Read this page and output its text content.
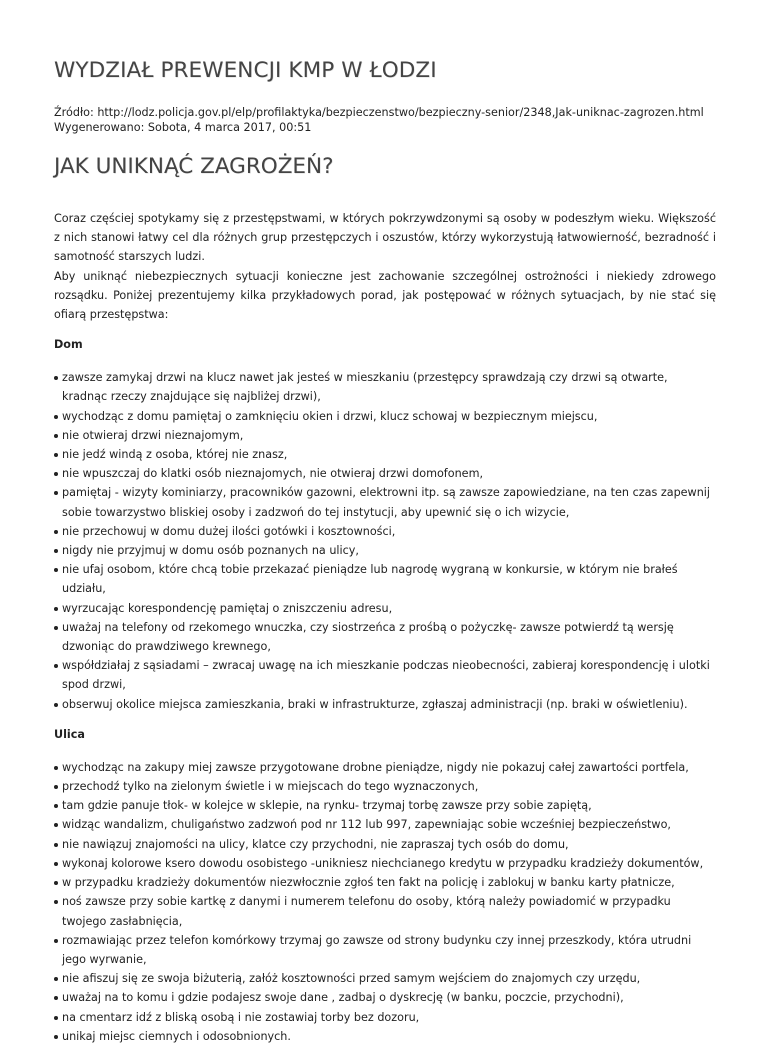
WYDZIAŁ PREWENCJI KMP W ŁODZI
Źródło: http://lodz.policja.gov.pl/elp/profilaktyka/bezpieczenstwo/bezpieczny-senior/2348,Jak-uniknac-zagrozen.html
Wygenerowano: Sobota, 4 marca 2017, 00:51
JAK UNIKNĄĆ ZAGROŻEŃ?

Coraz częściej spotykamy się z przestępstwami, w których pokrzywdzonymi są osoby w podeszłym wieku. Większość z nich stanowi łatwy cel dla różnych grup przestępczych i oszustów, którzy wykorzystują łatwowierność, bezradność i samotność starszych ludzi.

Aby uniknąć niebezpiecznych sytuacji konieczne jest zachowanie szczególnej ostrożności i niekiedy zdrowego rozsądku. Poniżej prezentujemy kilka przykładowych porad, jak postępować w różnych sytuacjach, by nie stać się ofiarą przestępstwa:

Dom
zawsze zamykaj drzwi na klucz nawet jak jesteś w mieszkaniu (przestępcy sprawdzają czy drzwi są otwarte, kradnąc rzeczy znajdujące się najbliżej drzwi),
wychodząc z domu pamiętaj o zamknięciu okien i drzwi, klucz schowaj w bezpiecznym miejscu,
nie otwieraj drzwi nieznajomym,
nie jedź windą z osoba, której nie znasz,
nie wpuszczaj do klatki osób nieznajomych, nie otwieraj drzwi domofonem,
pamiętaj - wizyty kominiarzy, pracowników gazowni, elektrowni itp. są zawsze zapowiedziane, na ten czas zapewnij sobie towarzystwo bliskiej osoby i zadzwoń do tej instytucji, aby upewnić się o ich wizycie,
nie przechowuj w domu dużej ilości gotówki i kosztowności,
nigdy nie przyjmuj w domu osób poznanych na ulicy,
nie ufaj osobom, które chcą tobie przekazać pieniądze lub nagrodę wygraną w konkursie, w którym nie brałeś udziału,
wyrzucając korespondencję pamiętaj o zniszczeniu adresu,
uważaj na telefony od rzekomego wnuczka, czy siostrzeńca z prośbą o pożyczkę- zawsze potwierdź tą wersję dzwoniąc do prawdziwego krewnego,
współdziałaj z sąsiadami – zwracaj uwagę na ich mieszkanie podczas nieobecności, zabieraj korespondencję i ulotki spod drzwi,
obserwuj okolice miejsca zamieszkania, braki w infrastrukturze, zgłaszaj administracji (np. braki w oświetleniu).
Ulica
wychodząc na zakupy miej zawsze przygotowane drobne pieniądze, nigdy nie pokazuj całej zawartości portfela,
przechodź tylko na zielonym świetle i w miejscach do tego wyznaczonych,
tam gdzie panuje tłok- w kolejce w sklepie, na rynku- trzymaj torbę zawsze przy sobie zapiętą,
widząc wandalizm, chuligaństwo zadzwoń pod nr 112 lub 997, zapewniając sobie wcześniej bezpieczeństwo,
nie nawiązuj znajomości na ulicy, klatce czy przychodni, nie zapraszaj tych osób do domu,
wykonaj kolorowe ksero dowodu osobistego -unikniesz niechcianego kredytu w przypadku kradzieży dokumentów,
w przypadku kradzieży dokumentów niezwłocznie zgłoś ten fakt na policję i zablokuj w banku karty płatnicze,
noś zawsze przy sobie kartkę z danymi i numerem telefonu do osoby, którą należy powiadomić w przypadku twojego zasłabnięcia,
rozmawiając przez telefon komórkowy trzymaj go zawsze od strony budynku czy innej przeszkody, która utrudni jego wyrwanie,
nie afiszuj się ze swoja biżuterią, załóż kosztowności przed samym wejściem do znajomych czy urzędu,
uważaj na to komu i gdzie podajesz swoje dane , zadbaj o dyskrecję (w banku, poczcie, przychodni),
na cmentarz idź z bliską osobą i nie zostawiaj torby bez dozoru,
unikaj miejsc ciemnych i odosobnionych.
